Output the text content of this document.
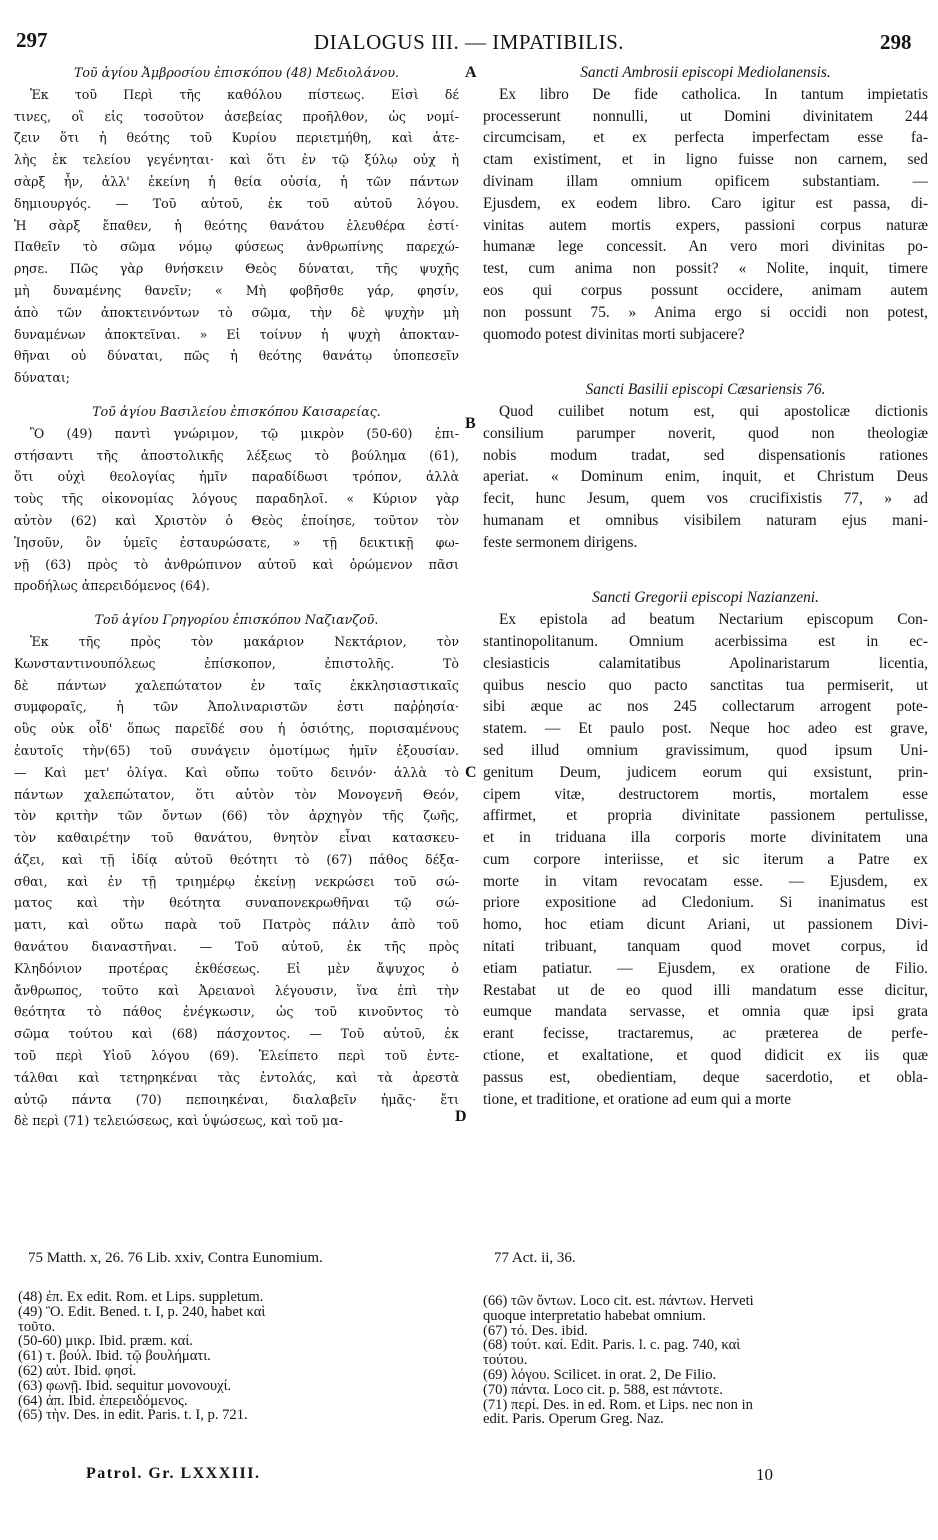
297	DIALOGUS III. — IMPATIBILIS.	298
A
B
C
D
Τοῦ ἁγίου Ἀμβροσίου ἐπισκόπου (48) Μεδιολάνου.
Ἐκ τοῦ Περὶ τῆς καθόλου πίστεως. Εἰσὶ δέ
τινες, οἳ εἰς τοσοῦτον ἀσεβείας προῆλθον, ὡς νομί-
ζειν ὅτι ἡ θεότης τοῦ Κυρίου περιετμήθη, καὶ ἀτε-
λὴς ἐκ τελείου γεγένηται· καὶ ὅτι ἐν τῷ ξύλῳ οὐχ ἡ
σὰρξ ἦν, ἀλλ' ἐκείνη ἡ θεία οὐσία, ἡ τῶν πάντων
δημιουργός. — Τοῦ αὐτοῦ, ἐκ τοῦ αὐτοῦ λόγου.
Ἡ σὰρξ ἔπαθεν, ἡ θεότης θανάτου ἐλευθέρα ἐστί·
Παθεῖν τὸ σῶμα νόμῳ φύσεως ἀνθρωπίνης παρεχώ-
ρησε. Πῶς γὰρ θνήσκειν Θεὸς δύναται, τῆς ψυχῆς
μὴ δυναμένης θανεῖν; « Μὴ φοβῆσθε γάρ, φησίν,
ἀπὸ τῶν ἀποκτεινόντων τὸ σῶμα, τὴν δὲ ψυχὴν μὴ
δυναμένων ἀποκτεῖναι. » Εἰ τοίνυν ἡ ψυχὴ ἀποκταν-
θῆναι οὐ δύναται, πῶς ἡ θεότης θανάτῳ ὑποπεσεῖν
δύναται;
Τοῦ ἁγίου Βασιλείου ἐπισκόπου Καισαρείας.
Ὃ (49) παντὶ γνώριμον, τῷ μικρὸν (50-60) ἐπι-
στήσαντι τῆς ἀποστολικῆς λέξεως τὸ βούλημα (61),
ὅτι οὐχὶ θεολογίας ἡμῖν παραδίδωσι τρόπον, ἀλλὰ
τοὺς τῆς οἰκονομίας λόγους παραδηλοῖ. « Κύριον γὰρ
αὐτὸν (62) καὶ Χριστὸν ὁ Θεὸς ἐποίησε, τοῦτον τὸν
Ἰησοῦν, ὃν ὑμεῖς ἐσταυρώσατε, » τῇ δεικτικῇ φω-
νῇ (63) πρὸς τὸ ἀνθρώπινον αὐτοῦ καὶ ὁρώμενον πᾶσι
προδήλως ἀπερειδόμενος (64).
Τοῦ ἁγίου Γρηγορίου ἐπισκόπου Ναζιανζοῦ.
Ἐκ τῆς πρὸς τὸν μακάριον Νεκτάριον, τὸν
Κωνσταντινουπόλεως ἐπίσκοπον, ἐπιστολῆς. Τὸ
δὲ πάντων χαλεπώτατον ἐν ταῖς ἐκκλησιαστικαῖς
συμφοραῖς, ἡ τῶν Ἀπολιναριστῶν ἐστι παῤῥησία·
οὓς οὐκ οἶδ' ὅπως παρεῖδέ σου ἡ ὁσιότης, πορισαμένους
ἑαυτοῖς τὴν(65) τοῦ συνάγειν ὁμοτίμως ἡμῖν ἐξουσίαν.
— Καὶ μετ' ὀλίγα. Καὶ οὔπω τοῦτο δεινόν· ἀλλὰ τὸ
πάντων χαλεπώτατον, ὅτι αὐτὸν τὸν Μονογενῆ Θεόν,
τὸν κριτὴν τῶν ὄντων (66) τὸν ἀρχηγὸν τῆς ζωῆς,
τὸν καθαιρέτην τοῦ θανάτου, θνητὸν εἶναι κατασκευ-
άζει, καὶ τῇ ἰδίᾳ αὐτοῦ θεότητι τὸ (67) πάθος δέξα-
σθαι, καὶ ἐν τῇ τριημέρῳ ἐκείνῃ νεκρώσει τοῦ σώ-
ματος καὶ τὴν θεότητα συναπονεκρωθῆναι τῷ σώ-
ματι, καὶ οὕτω παρὰ τοῦ Πατρὸς πάλιν ἀπὸ τοῦ
θανάτου διαναστῆναι. — Τοῦ αὐτοῦ, ἐκ τῆς πρὸς
Κληδόνιον προτέρας ἐκθέσεως. Εἰ μὲν ἄψυχος ὁ
ἄνθρωπος, τοῦτο καὶ Ἀρειανοὶ λέγουσιν, ἵνα ἐπὶ τὴν
θεότητα τὸ πάθος ἐνέγκωσιν, ὡς τοῦ κινοῦντος τὸ
σῶμα τούτου καὶ (68) πάσχοντος. — Τοῦ αὐτοῦ, ἐκ
τοῦ περὶ Υἱοῦ λόγου (69). Ἐλείπετο περὶ τοῦ ἐντε-
τάλθαι καὶ τετηρηκέναι τὰς ἐντολάς, καὶ τὰ ἀρεστὰ
αὐτῷ πάντα (70) πεποιηκέναι, διαλαβεῖν ἡμᾶς· ἔτι
δὲ περὶ (71) τελειώσεως, καὶ ὑψώσεως, καὶ τοῦ μα-
Sancti Ambrosii episcopi Mediolanensis.
Ex libro De fide catholica. In tantum impietatis
processerunt nonnulli, ut Domini divinitatem 244
circumcisam, et ex perfecta imperfectam esse fa-
ctam existiment, et in ligno fuisse non carnem, sed
divinam illam omnium opificem substantiam. —
Ejusdem, ex eodem libro. Caro igitur est passa, di-
vinitas autem mortis expers, passioni corpus naturæ
humanæ lege concessit. An vero mori divinitas po-
test, cum anima non possit? « Nolite, inquit, timere
eos qui corpus possunt occidere, animam autem
non possunt 75. » Anima ergo si occidi non potest,
quomodo potest divinitas morti subjacere?
Sancti Basilii episcopi Cæsariensis 76.
Quod cuilibet notum est, qui apostolicæ dictionis
consilium parumper noverit, quod non theologiæ
nobis modum tradat, sed dispensationis rationes
aperiat. « Dominum enim, inquit, et Christum Deus
fecit, hunc Jesum, quem vos crucifixistis 77, » ad
humanam et omnibus visibilem naturam ejus mani-
feste sermonem dirigens.
Sancti Gregorii episcopi Nazianzeni.
Ex epistola ad beatum Nectarium episcopum Con-
stantinopolitanum. Omnium acerbissima est in ec-
clesiasticis calamitatibus Apolinaristarum licentia,
quibus nescio quo pacto sanctitas tua permiserit, ut
sibi æque ac nos 245 collectarum arrogent pote-
statem. — Et paulo post. Neque hoc adeo est grave,
sed illud omnium gravissimum, quod ipsum Uni-
genitum Deum, judicem eorum qui exsistunt, prin-
cipem vitæ, destructorem mortis, mortalem esse
affirmet, et propria divinitate passionem pertulisse,
et in triduana illa corporis morte divinitatem una
cum corpore interiisse, et sic iterum a Patre ex
morte in vitam revocatam esse. — Ejusdem, ex
priore expositione ad Cledonium. Si inanimatus est
homo, hoc etiam dicunt Ariani, ut passionem Divi-
nitati tribuant, tanquam quod movet corpus, id
etiam patiatur. — Ejusdem, ex oratione de Filio.
Restabat ut de eo quod illi mandatum esse dicitur,
eumque mandata servasse, et omnia quæ ipsi grata
erant fecisse, tractaremus, ac præterea de perfe-
ctione, et exaltatione, et quod didicit ex iis quæ
passus est, obedientiam, deque sacerdotio, et obla-
tione, et traditione, et oratione ad eum qui a morte
75 Matth. x, 26. 76 Lib. xxiv, Contra Eunomium.	77 Act. ii, 36.
(48) ἐπ. Ex edit. Rom. et Lips. suppletum.
(49) Ὃ. Edit. Bened. t. I, p. 240, habet καὶ
τοῦτο.
(50-60) μικρ. Ibid. præm. καί.
(61) τ. βούλ. Ibid. τῷ βουλήματι.
(62) αὐτ. Ibid. φησί.
(63) φωνῇ. Ibid. sequitur μονονουχί.
(64) ἀπ. Ibid. ἐπερειδόμενος.
(65) τὴν. Des. in edit. Paris. t. I, p. 721.
(66) τῶν ὄντων. Loco cit. est. πάντων. Herveti
quoque interpretatio habebat omnium.
(67) τό. Des. ibid.
(68) τούτ. καί. Edit. Paris. l. c. pag. 740, καὶ
τούτου.
(69) λόγου. Scilicet. in orat. 2, De Filio.
(70) πάντα. Loco cit. p. 588, est πάντοτε.
(71) περί. Des. in ed. Rom. et Lips. nec non in
edit. Paris. Operum Greg. Naz.
Patrol. Gr. LXXXIII.	10
